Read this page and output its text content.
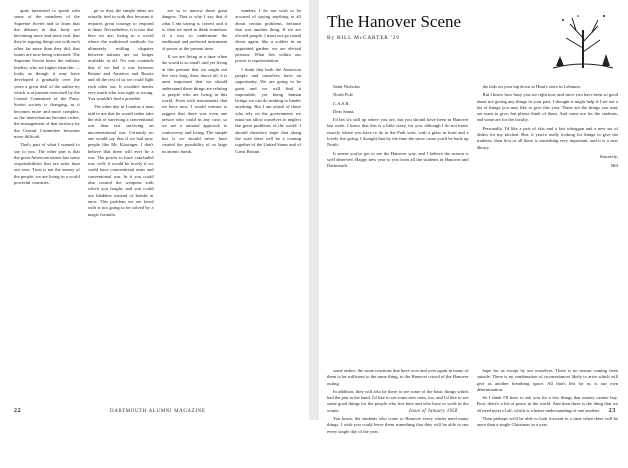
quite interested to speak with some of the members of the Supreme Soviet and to learn that the debates in that body are becoming more and more real, that they're arguing things out with each other far more than they did, that issues are now being criticized. The Supreme Soviet hears the military leaders, who are higher than this — looks as though it may have developed a gradually over the years a great deal of the author-ity which is at present exercised by the Central Committee of the Party. Soviet society is changing, as it becomes more and more complex, as the interrelations become richer, the management of that territory by the Central Committee becomes more difficult.

That's part of what I wanted to say to you. The other part is that the great American nation has some responsibilities that are safer than our own. Trust is not the enemy of the people, we are living in a world powerful countries.

pit so that, the simple ideas are actually tied in with this because it requires great courage to respond to them. Nevertheless, it is true that here we are, living in a world where the traditional methods for ultimately settling disputes between nations are no longer available at all. No one contends that if we had a war between Britain and America and Russia and all the rest of us we could fight each other out. It wouldn't matter very much who was right or wrong. You wouldn't find a possible.

The other day in London, a man said to me that he would rather take the risk of surviving a conventional war than not surviving an unconventional war. Certainly no one would say that if we had now, people like Mr. Kissinger. I don't believe that there will ever be a war. The power to have concluded war, well, it would be lovely if we could have conventional arms and conventional war. In it you could also control the weapons with which you fought, and you could use bladders instead of bombs at once. This problem we are faced with is not going to be solved by a magic formula.

are so to narrow these great dangers. That is why I say that if what I am saying is correct and it is, then we need to think somehow of a way to undermine the traditional and preferred instrument of power at the present time.

If we are living at a time when the world is so small, and yet living in this present that we might not live very long, then, above all, it is most important that we should understand these things are relating to people who are living in this world. Even with instruments that we have now. I would venture to suggest that there was even one person who could in any case, so we see a rational approach to controversy and living. The simple fact is we should never have created the possibility of so large an atomic bomb.

number, I do not wish to be accused of saying anything at all about certain problems, because that was another thing. If we are elected people, I must not go round down again, like a soldier in an appointed garden, we are elected persons. What lies within our power is representation.

I think that both the American people and ourselves have an opportunity. We are going to be great and we will find it impossible, yet being human beings we can do nothing to hinder anything. But I am afraid of those who rely on the government; we must not allow ourselves to neglect the great problems of the world. I should therefore hope that along the road there will be a coming together of the United States and of Great Britain.

22	DARTMOUTH ALUMNI MAGAZINE
The Hanover Scene
By BILL McCARTER '29

Saint Nicholas

North Pole

C.A.S.R.

Dear Santa,

I'd bet it's still up where you are, but you should have been in Hanover last week. I know that this is a little crazy, for you, although I do not know exactly where you have to do in the Park west, with a glass in front and a lovely fire going. I thought that by the time the snow came you'd be back up North.

It seems you've got to see the Hanover way, and I believe the season is well deserved. Happy new year to you from all the students in Hanover and Dartmouth.

the kids on your lap down at Hunt's store in Lebanon.

But I know how busy you are right now and since you have been so good about not giving any things in your past, I thought it might help if I set out a list of things you may like to give this year. These are the things you may not want to give, but please think of them. And some are for the students, and some are for the faculty.

Personally, I'd like a pair of skis and a fast toboggan and a new set of dishes for my kitchen. But, if you're really looking for things to give the students, then first of all there is something very important, and it is a new library.

Sincerely,

Bill

some radios, the some reactions that have over and over again in many of them to be sufficient to the same thing, to the Hanover crowd of the Hanover outing.

In addition, they will also be there to see some of the basic things which had the pen in the hand. I'd like to see some new ones, too, and I'd like to see some good things for the people who live here and who have to work in the winter.

You know, the students who come to Hanover every winter need many things. I wish you could leave them something that they will be able to use every single day of the year.

hope for us except by our ourselves. There is no reason coming from outside. There is no combination of circumstances likely to arise which will give us another breathing space. All that's left for us is our own determination.

So I think I'll have to ask you for a few things that money cannot buy. First, there's a bit of peace in the world. And then there is the thing that we all need most of all, which is a better understanding of one another.

Then perhaps we'll be able to look forward to a time when there will be more than a single Christmas in a year.

Issue of January 1958	23
